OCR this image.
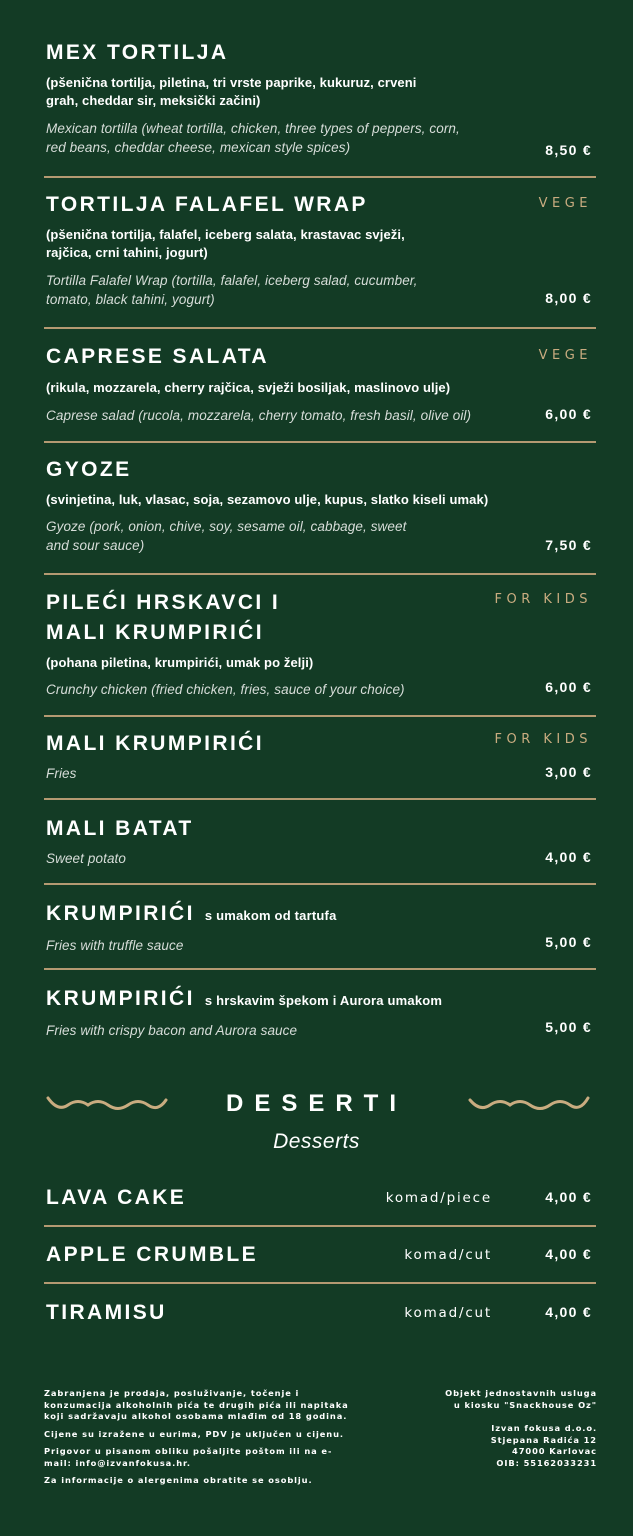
MEX TORTILJA
(pšenična tortilja, piletina, tri vrste paprike, kukuruz, crveni grah, cheddar sir, meksički začini)
Mexican tortilla (wheat tortilla, chicken, three types of peppers, corn, red beans, cheddar cheese, mexican style spices)	8,50 €
TORTILJA FALAFEL WRAP	VEGE
(pšenična tortilja, falafel, iceberg salata, krastavac svježi, rajčica, crni tahini, jogurt)
Tortilla Falafel Wrap (tortilla, falafel, iceberg salad, cucumber, tomato, black tahini, yogurt)	8,00 €
CAPRESE SALATA	VEGE
(rikula, mozzarela, cherry rajčica, svježi bosiljak, maslinovo ulje)
Caprese salad (rucola, mozzarela, cherry tomato, fresh basil, olive oil)	6,00 €
GYOZE
(svinjetina, luk, vlasac, soja, sezamovo ulje, kupus, slatko kiseli umak)
Gyoze (pork, onion, chive, soy, sesame oil, cabbage, sweet and sour sauce)	7,50 €
PILEĆI HRSKAVCI I
MALI KRUMPIRIĆI
FOR KIDS
(pohana piletina, krumpirići, umak po želji)
Crunchy chicken (fried chicken, fries, sauce of your choice)	6,00 €
MALI KRUMPIRIĆI	FOR KIDS
Fries	3,00 €
MALI BATAT
Sweet potato	4,00 €
KRUMPIRIĆI s umakom od tartufa
Fries with truffle sauce	5,00 €
KRUMPIRIĆI s hrskavim špekom i Aurora umakom
Fries with crispy bacon and Aurora sauce	5,00 €
DESERTI
Desserts
LAVA CAKE	komad/piece	4,00 €
APPLE CRUMBLE	komad/cut	4,00 €
TIRAMISU	komad/cut	4,00 €

Zabranjena je prodaja, posluživanje, točenje i konzumacija alkoholnih pića te drugih pića ili napitaka koji sadržavaju alkohol osobama mlađim od 18 godina.

Cijene su izražene u eurima, PDV je uključen u cijenu.

Prigovor u pisanom obliku pošaljite poštom ili na e-mail: info@izvanfokusa.hr.

Za informacije o alergenima obratite se osoblju.

Objekt jednostavnih usluga u kiosku "Snackhouse Oz"

Izvan fokusa d.o.o.
Stjepana Radića 12
47000 Karlovac
OIB: 55162033231
